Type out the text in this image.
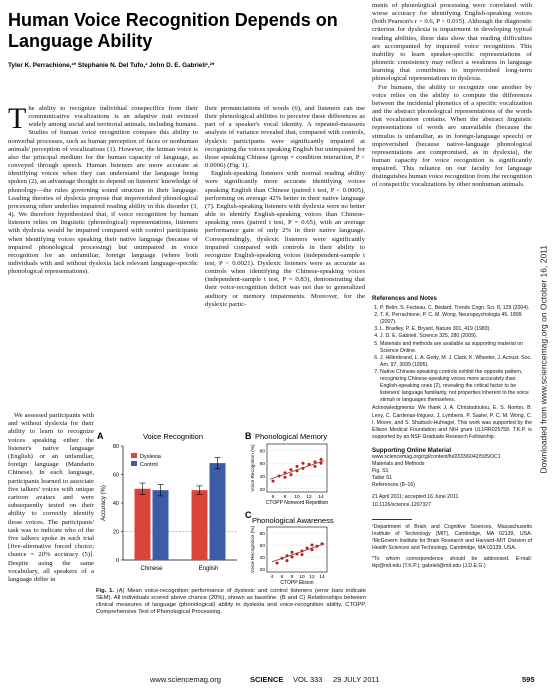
Human Voice Recognition Depends on Language Ability
Tyler K. Perrachione,¹* Stephanie N. Del Tufo,¹ John D. E. Gabrieli¹,²*

The ability to recognize individual conspecifics from their communicative vocalizations is an adaptive trait evinced widely among social and territorial animals, including humans. Studies of human voice recognition compare this ability to nonverbal processes, such as human perception of faces or nonhuman animals' perception of vocalizations (1). However, the human voice is also the principal medium for the human capacity of language, as conveyed through speech. Human listeners are more accurate at identifying voices when they can understand the language being spoken (2), an advantage thought to depend on listeners' knowledge of phonology—the rules governing sound structure in their language. Leading theories of dyslexia propose that impoverished phonological processing often underlies impaired reading ability in this disorder (3, 4). We therefore hypothesized that, if voice recognition by human listeners relies on linguistic (phonological) representations, listeners with dyslexia would be impaired compared with control participants when identifying voices speaking their native language (because of impaired phonological processing) but unimpaired in voice recognition for an unfamiliar, foreign language (where both individuals with and without dyslexia lack relevant language-specific phonological representations).

We assessed participants with and without dyslexia for their ability to learn to recognize voices speaking either the listener's native language (English) or an unfamiliar, foreign language (Mandarin Chinese). In each language, participants learned to associate five talkers' voices with unique cartoon avatars and were subsequently tested on their ability to correctly identify those voices. The participants' task was to indicate who of the five talkers spoke in each trial [five-alternative forced choice; chance = 20% accuracy (5)]. Despite using the same vocabulary, all speakers of a language differ in

their pronunciations of words (6), and listeners can use their phonological abilities to perceive these differences as part of a speaker's vocal identity. A repeated-measures analysis of variance revealed that, compared with controls, dyslexic participants were significantly impaired at recognizing the voices speaking English but unimpaired for those speaking Chinese (group × condition interaction, P < 0.0006) (Fig. 1).

English-speaking listeners with normal reading ability were significantly more accurate identifying voices speaking English than Chinese (paired t test, P < 0.0005), performing on average 42% better in their native language (7). English-speaking listeners with dyslexia were no better able to identify English-speaking voices than Chinese-speaking ones (paired t test, P = 0.65), with an average performance gain of only 2% in their native language. Correspondingly, dyslexic listeners were significantly impaired compared with controls in their ability to recognize English-speaking voices (independent-sample t test, P < 0.0021). Dyslexic listeners were as accurate as controls when identifying the Chinese-speaking voices (independent-sample t test, P = 0.83), demonstrating that their voice-recognition deficit was not due to generalized auditory or memory impairments. Moreover, for the dyslexic partic-

ments of phonological processing were correlated with worse accuracy for identifying English-speaking voices (both Pearson's r > 0.6, P < 0.015). Although the diagnostic criterion for dyslexia is impairment in developing typical reading abilities, these data show that reading difficulties are accompanied by impaired voice recognition. This inability to learn speaker-specific representations of phonetic consistency may reflect a weakness in language learning that contributes to impoverished long-term phonological representations in dyslexia.

For humans, the ability to recognize one another by voice relies on the ability to compute the differences between the incidental phonetics of a specific vocalization and the abstract phonological representations of the words that vocalization contains. When the abstract linguistic representations of words are unavailable (because the stimulus is unfamiliar, as in foreign-language speech) or impoverished (because native-language phonological representations are compromised, as in dyslexia), the human capacity for voice recognition is significantly impaired. This reliance on our faculty for language distinguishes human voice recognition from the recognition of conspecific vocalizations by other nonhuman animals.

References and Notes
1. P. Belin, S. Fecteau, C. Bédard, Trends Cogn. Sci. 8, 129 (2004).
2. T. K. Perrachione, P. C. M. Wong, Neuropsychologia 45, 1899 (2007).
3. L. Bradley, P. E. Bryant, Nature 301, 419 (1983).
4. J. D. E. Gabrieli, Science 325, 280 (2009).
5. Materials and methods are available as supporting material on Science Online.
6. J. Hillenbrand, L. A. Getty, M. J. Clark, K. Wheeler, J. Acoust. Soc. Am. 97, 3099 (1995).
7. Native Chinese-speaking controls exhibit the opposite pattern, recognizing Chinese-speaking voices more accurately than English-speaking ones (2), revealing the critical factor to be listeners' language familiarity, not properties inherent to the voice stimuli or languages themselves.
Acknowledgments: We thank J. A. Christodoulou, E. S. Norton, B. Levy, C. Cardenas-Iniguez, J. Lymberis, P. Sasler, P. C. M. Wong, C. I. Moore, and S. Shattuck-Hufnagel. This work was supported by the Ellison Medical Foundation and NIH grant UL1RR025758. T.K.P. is supported by an NSF Graduate Research Fellowship.
Supporting Online Material
www.sciencemag.org/cgi/content/full/333/6042/595/DC1
Materials and Methods
Fig. S1
Table S1
References (8–16)
21 April 2011; accepted 16 June 2011
10.1126/science.1207327
¹Department of Brain and Cognitive Sciences, Massachusetts Institute of Technology (MIT), Cambridge, MA 02139, USA. ²McGovern Institute for Brain Research and Harvard–MIT Division of Health Sciences and Technology, Cambridge, MA 02139, USA.
*To whom correspondence should be addressed. E-mail: tkp@mit.edu (T.K.P.); gabrieli@mit.edu (J.D.E.G.)
Downloaded from www.sciencemag.org on October 16, 2011
A	Voice Recognition
0
20
40
60
80
Accuracy (%)
Chinese	English
Dyslexia
Control
B Phonological Memory
20
40
60
80
6 8 10 12 14
CTOPP Nonword Repetition
Voice Recognition (%)
C
Phonological Awareness
20
40
60
80
4 6 8 10 12 14
CTOPP Elision
Voice Recognition (%)
Fig. 1. (A) Mean voice-recognition performance of dyslexic and control listeners (error bars indicate SEM). All individuals scored above chance (20%), shown as baseline. (B and C) Relationships between clinical measures of language (phonological) ability in dyslexia and voice-recognition ability. CTOPP, Comprehensive Test of Phonological Processing.
www.sciencemag.org	SCIENCE VOL 333 29 JULY 2011	595
